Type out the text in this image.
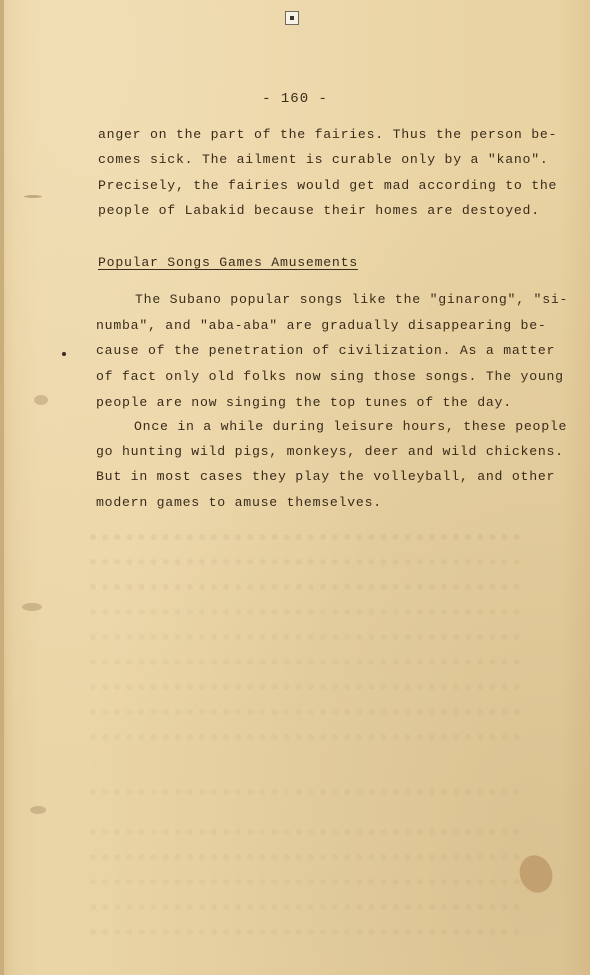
- 160 -
anger on the part of the fairies. Thus the person be-
comes sick. The ailment is curable only by a "kano".
Precisely, the fairies would get mad according to the
people of Labakid because their homes are destoyed.
Popular Songs Games Amusements
The Subano popular songs like the "ginarong", "si-
numba", and "aba-aba" are gradually disappearing be-
cause of the penetration of civilization. As a matter
of fact only old folks now sing those songs. The young
people are now singing the top tunes of the day.
Once in a while during leisure hours, these people
go hunting wild pigs, monkeys, deer and wild chickens.
But in most cases they play the volleyball, and other
modern games to amuse themselves.
